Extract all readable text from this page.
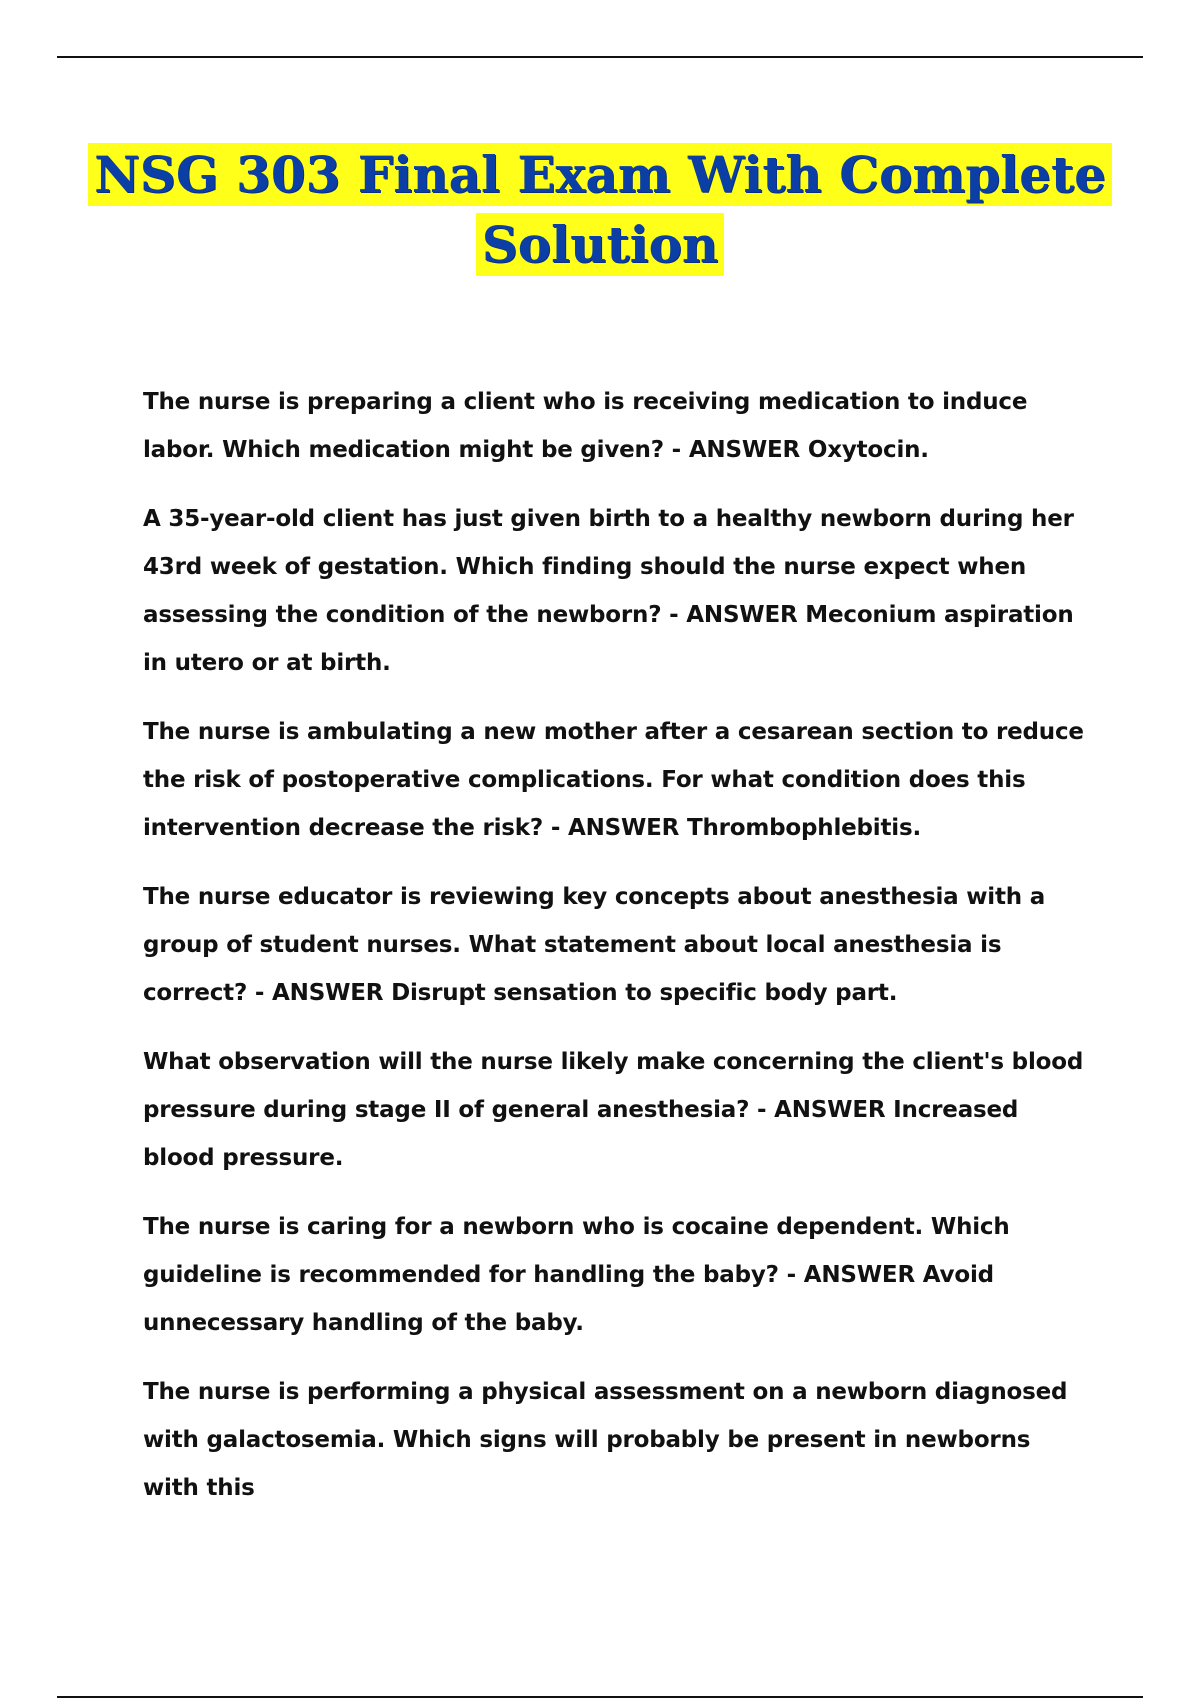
NSG 303 Final Exam With Complete Solution

The nurse is preparing a client who is receiving medication to induce labor. Which medication might be given? - ANSWER Oxytocin.

A 35-year-old client has just given birth to a healthy newborn during her 43rd week of gestation. Which finding should the nurse expect when assessing the condition of the newborn? - ANSWER Meconium aspiration in utero or at birth.

The nurse is ambulating a new mother after a cesarean section to reduce the risk of postoperative complications. For what condition does this intervention decrease the risk? - ANSWER Thrombophlebitis.

The nurse educator is reviewing key concepts about anesthesia with a group of student nurses. What statement about local anesthesia is correct? - ANSWER Disrupt sensation to specific body part.

What observation will the nurse likely make concerning the client's blood pressure during stage II of general anesthesia? - ANSWER Increased blood pressure.

The nurse is caring for a newborn who is cocaine dependent. Which guideline is recommended for handling the baby? - ANSWER Avoid unnecessary handling of the baby.

The nurse is performing a physical assessment on a newborn diagnosed with galactosemia. Which signs will probably be present in newborns with this
